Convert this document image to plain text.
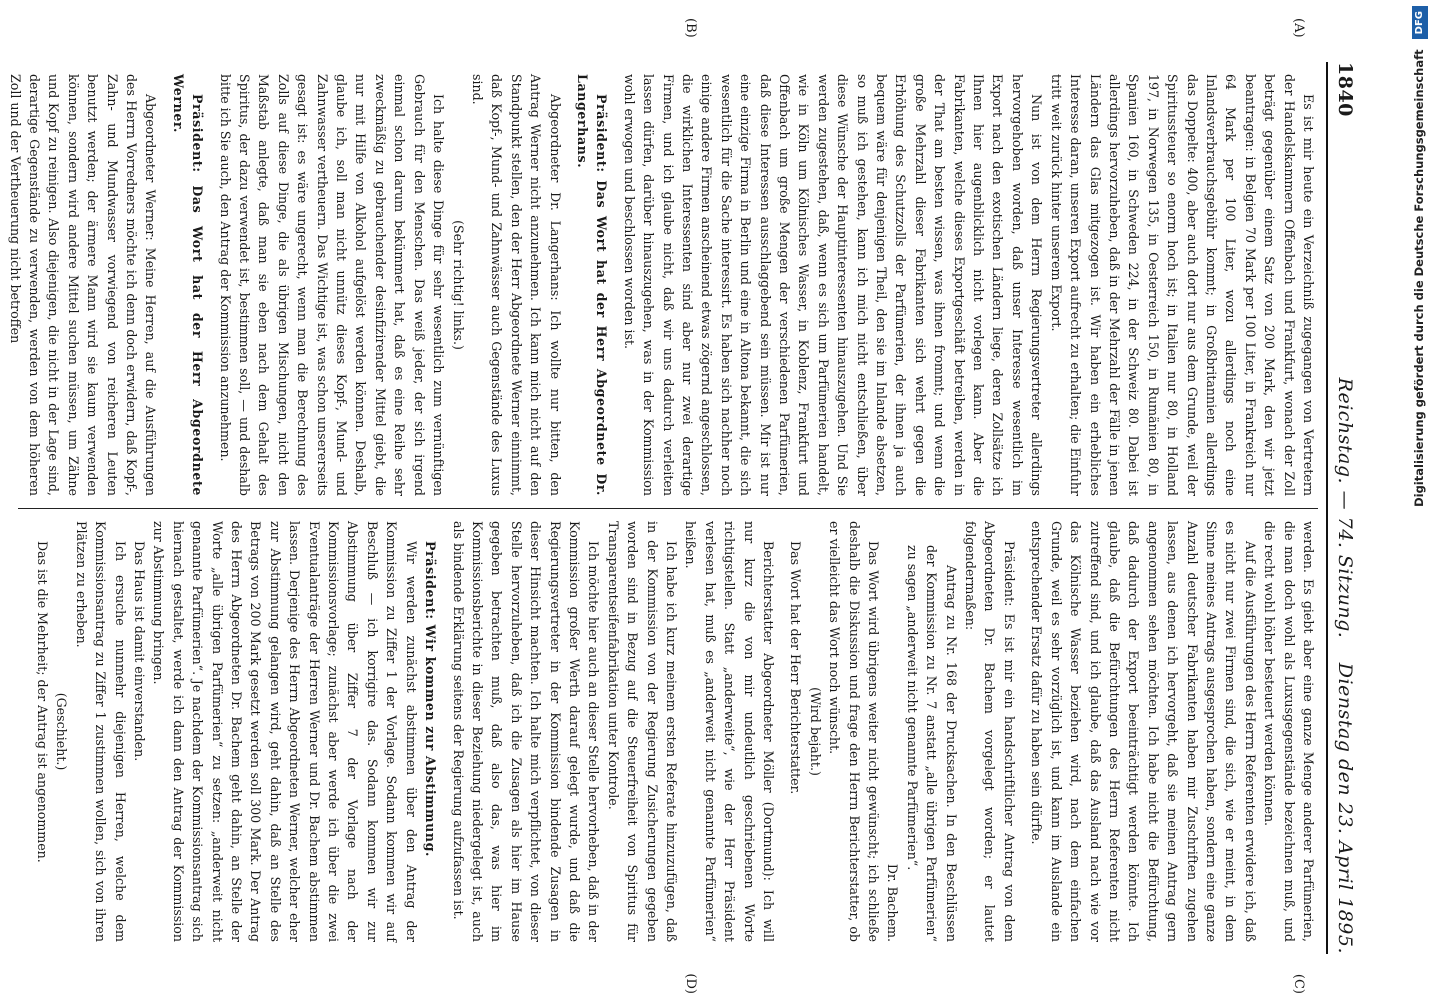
1840
Reichstag. — 74. Sitzung.
Dienstag den 23. April 1895.
(A)
(B)
(C)
(D)

Es ist mir heute ein Verzeichniß zugegangen von Vertretern der Handelskammern Offenbach und Frankfurt, wonach der Zoll beträgt gegenüber einem Satz von 200 Mark, den wir jetzt beantragen: in Belgien 70 Mark per 100 Liter, in Frankreich nur 64 Mark per 100 Liter, wozu allerdings noch eine Inlandsverbrauchsgebühr kommt; in Großbritannien allerdings das Doppelte: 400, aber auch dort nur aus dem Grunde, weil der Spiritussteuer so enorm hoch ist; in Italien nur 80, in Holland 197, in Norwegen 135, in Oesterreich 150, in Rumänien 80, in Spanien 160, in Schweden 224, in der Schweiz 80. Dabei ist allerdings hervorzuheben, daß in der Mehrzahl der Fälle in jenen Ländern das Glas mitgezogen ist. Wir haben ein erhebliches Interesse daran, unseren Export aufrecht zu erhalten; die Einfuhr tritt weit zurück hinter unserem Export.

Nun ist von dem Herrn Regierungsvertreter allerdings hervorgehoben worden, daß unser Interesse wesentlich im Export nach den exotischen Ländern liege, deren Zollsätze ich Ihnen hier augenblicklich nicht vorlegen kann. Aber die Fabrikanten, welche dieses Exportgeschäft betreiben, werden in der That am besten wissen, was ihnen frommt; und wenn die große Mehrzahl dieser Fabrikanten sich wehrt gegen die Erhöhung des Schutzzolls der Parfümerien, der ihnen ja auch bequem wäre für denjenigen Theil, den sie im Inlande absetzen, so muß ich gestehen, kann ich mich nicht entschließen, über diese Wünsche der Hauptinteressenten hinauszugehen. Und Sie werden zugestehen, daß, wenn es sich um Parfümerien handelt, wie in Köln um Kölnisches Wasser, in Koblenz, Frankfurt und Offenbach um große Mengen der verschiedenen Parfümerien, daß diese Interessen ausschlaggebend sein müssen. Mir ist nur eine einzige Firma in Berlin und eine in Altona bekannt, die sich wesentlich für die Sache interessirt. Es haben sich nachher noch einige andere Firmen anscheinend etwas zögernd angeschlossen, die wirklichen Interessenten sind aber nur zwei derartige Firmen, und ich glaube nicht, daß wir uns dadurch verleiten lassen dürfen, darüber hinauszugehen, was in der Kommission wohl erwogen und beschlossen worden ist.

Präsident: Das Wort hat der Herr Abgeordnete Dr. Langerhans.

Abgeordneter Dr. Langerhans: Ich wollte nur bitten, den Antrag Werner nicht anzunehmen. Ich kann mich nicht auf den Standpunkt stellen, den der Herr Abgeordnete Werner einnimmt, daß Kopf-, Mund- und Zahnwässer auch Gegenstände des Luxus sind.

(Sehr richtig! links.)

Ich halte diese Dinge für sehr wesentlich zum vernünftigen Gebrauch für den Menschen. Das weiß jeder, der sich irgend einmal schon darum bekümmert hat, daß es eine Reihe sehr zweckmäßig zu gebrauchender desinfizirender Mittel giebt, die nur mit Hilfe von Alkohol aufgelöst werden können. Deshalb, glaube ich, soll man nicht unnütz dieses Kopf-, Mund- und Zahnwasser vertheuern. Das Wichtige ist, was schon unsererseits gesagt ist: es wäre ungerecht, wenn man die Berechnung des Zolls auf diese Dinge, die als übrigen Mischungen, nicht den Maßstab anlegte, daß man sie eben nach dem Gehalt des Spiritus, der dazu verwendet ist, bestimmen soll, — und deshalb bitte ich Sie auch, den Antrag der Kommission anzunehmen.

Präsident: Das Wort hat der Herr Abgeordnete Werner.

Abgeordneter Werner: Meine Herren, auf die Ausführungen des Herrn Vorredners möchte ich denn doch erwidern, daß Kopf-, Zahn- und Mundwasser vorwiegend von reicheren Leuten benutzt werden; der ärmere Mann wird sie kaum verwenden können, sondern wird andere Mittel suchen müssen, um Zähne und Kopf zu reinigen. Also diejenigen, die nicht in der Lage sind, derartige Gegenstände zu verwenden, werden von dem höheren Zoll und der Vertheuerung nicht betroffen

werden. Es giebt aber eine ganze Menge anderer Parfümerien, die man doch wohl als Luxusgegenstände bezeichnen muß, und die recht wohl höher besteuert werden können.

Auf die Ausführungen des Herrn Referenten erwidere ich, daß es nicht nur zwei Firmen sind, die sich, wie er meint, in dem Sinne meines Antrags ausgesprochen haben, sondern eine ganze Anzahl deutscher Fabrikanten haben mir Zuschriften zugehen lassen, aus denen ich hervorgeht, daß sie meinen Antrag gern angenommen sehen möchten. Ich habe nicht die Befürchtung, daß dadurch der Export beeinträchtigt werden könnte. Ich glaube, daß die Befürchtungen des Herrn Referenten nicht zutreffend sind, und ich glaube, daß das Ausland nach wie vor das Kölnische Wasser beziehen wird, nach dem einfachen Grunde, weil es sehr vorzüglich ist, und kann im Auslande ein entsprechender Ersatz dafür zu haben sein dürfte.

Präsident: Es ist mir ein handschriftlicher Antrag von dem Abgeordneten Dr. Bachem vorgelegt worden; er lautet folgendermaßen:

Antrag zu Nr. 168 der Drucksachen. In den Beschlüssen der Kommission zu Nr. 7 anstatt „alle übrigen Parfümerien“ zu sagen „anderweit nicht genannte Parfümerien“.

Dr. Bachem.

Das Wort wird übrigens weiter nicht gewünscht; ich schließe deshalb die Diskussion und frage den Herrn Berichterstatter, ob er vielleicht das Wort noch wünscht.

(Wird bejaht.)

Das Wort hat der Herr Berichterstatter.

Berichterstatter Abgeordneter Möller (Dortmund): Ich will nur kurz die von mir undeutlich geschriebenen Worte richtigstellen. Statt „anderweite“, wie der Herr Präsident verlesen hat, muß es „anderweit nicht genannte Parfümerien“ heißen.

Ich habe ich kurz meinem ersten Referate hinzuzufügen, daß in der Kommission von der Regierung Zusicherungen gegeben worden sind in Bezug auf die Steuerfreiheit von Spiritus für Transparentseifenfabrikation unter Kontrole.

Ich möchte hier auch an dieser Stelle hervorheben, daß in der Kommission großer Werth darauf gelegt wurde, und daß die Regierungsvertreter in der Kommission bindende Zusagen in dieser Hinsicht machten. Ich halte mich verpflichtet, von dieser Stelle hervorzuheben, daß ich die Zusagen als hier im Hause gegeben betrachten muß, daß also das, was hier im Kommissionsberichte in dieser Beziehung niedergelegt ist, auch als bindende Erklärung seitens der Regierung aufzufassen ist.

Präsident: Wir kommen zur Abstimmung.

Wir werden zunächst abstimmen über den Antrag der Kommission zu Ziffer 1 der Vorlage. Sodann kommen wir auf Beschluß — ich korrigire das. Sodann kommen wir zur Abstimmung über Ziffer 7 der Vorlage nach der Kommissionsvorlage; zunächst aber werde ich über die zwei Eventualanträge der Herren Werner und Dr. Bachem abstimmen lassen. Derjenige des Herrn Abgeordneten Werner, welcher eher zur Abstimmung gelangen wird, geht dahin, daß an Stelle des Betrags von 200 Mark gesetzt werden soll 300 Mark. Der Antrag des Herrn Abgeordneten Dr. Bachem geht dahin, an Stelle der Worte „alle übrigen Parfümerien“ zu setzen: „anderweit nicht genannte Parfümerien“. Je nachdem der Kommissionsantrag sich hiernach gestaltet, werde ich dann den Antrag der Kommission zur Abstimmung bringen.

Das Haus ist damit einverstanden.

Ich ersuche nunmehr diejenigen Herren, welche dem Kommissionsantrag zu Ziffer 1 zustimmen wollen, sich von ihren Plätzen zu erheben.

(Geschieht.)

Das ist die Mehrheit; der Antrag ist angenommen.

Digitalisierung gefördert durch die Deutsche Forschungsgemeinschaft DFG
